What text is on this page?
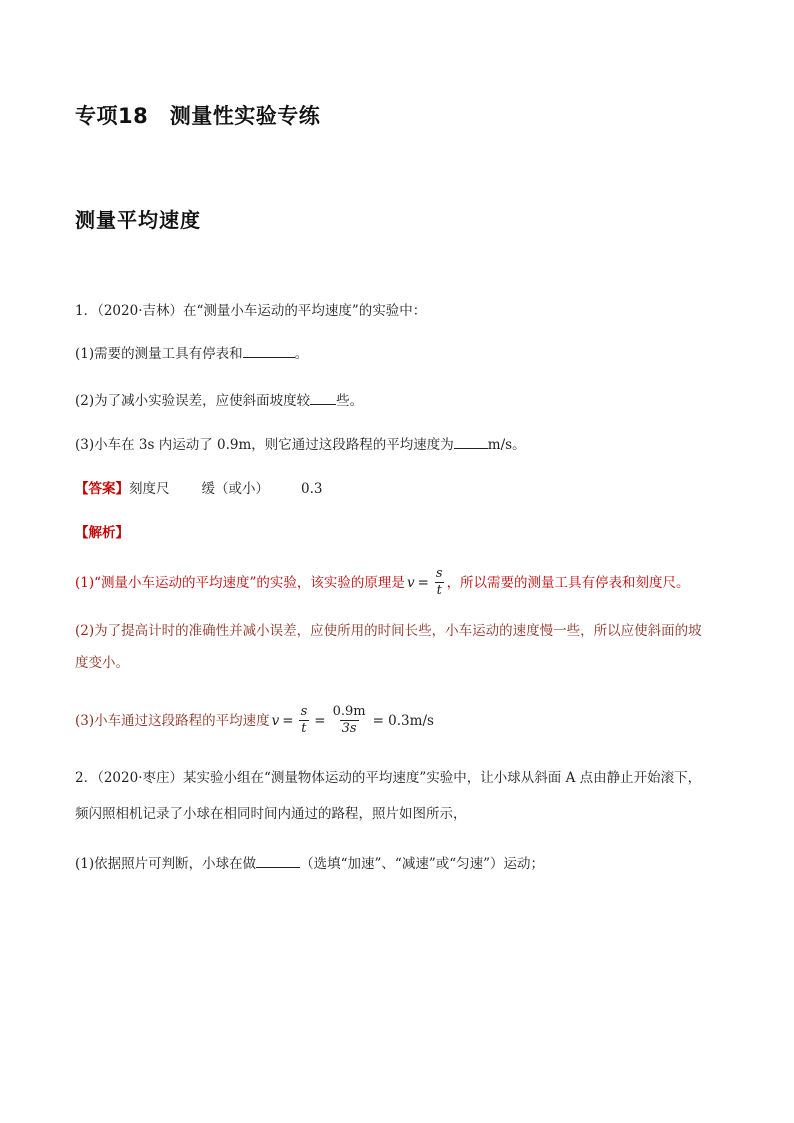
专项18　测量性实验专练
测量平均速度
1．（2020·吉林）在“测量小车运动的平均速度”的实验中：
(1)需要的测量工具有停表和	。
(2)为了减小实验误差，应使斜面坡度较 些。
(3)小车在 3s 内运动了 0.9m，则它通过这段路程的平均速度为	m/s。
【答案】刻度尺 缓（或小） 0.3
【解析】
(1)“测量小车运动的平均速度”的实验，该实验的原理是 $v = \frac{s}{t}$ ，所以需要的测量工具有停表和刻度尺。
(2)为了提高计时的准确性并减小误差，应使所用的时间长些，小车运动的速度慢一些，所以应使斜面的坡
度变小。
(3)小车通过这段路程的平均速度 $v = \frac{s}{t} = \frac{0.9m}{3s} = 0.3m/s$
2．（2020·枣庄）某实验小组在“测量物体运动的平均速度”实验中，让小球从斜面 A 点由静止开始滚下，
频闪照相机记录了小球在相同时间内通过的路程，照片如图所示，
(1)依据照片可判断，小球在做	（选填“加速”、“减速”或“匀速”）运动；
